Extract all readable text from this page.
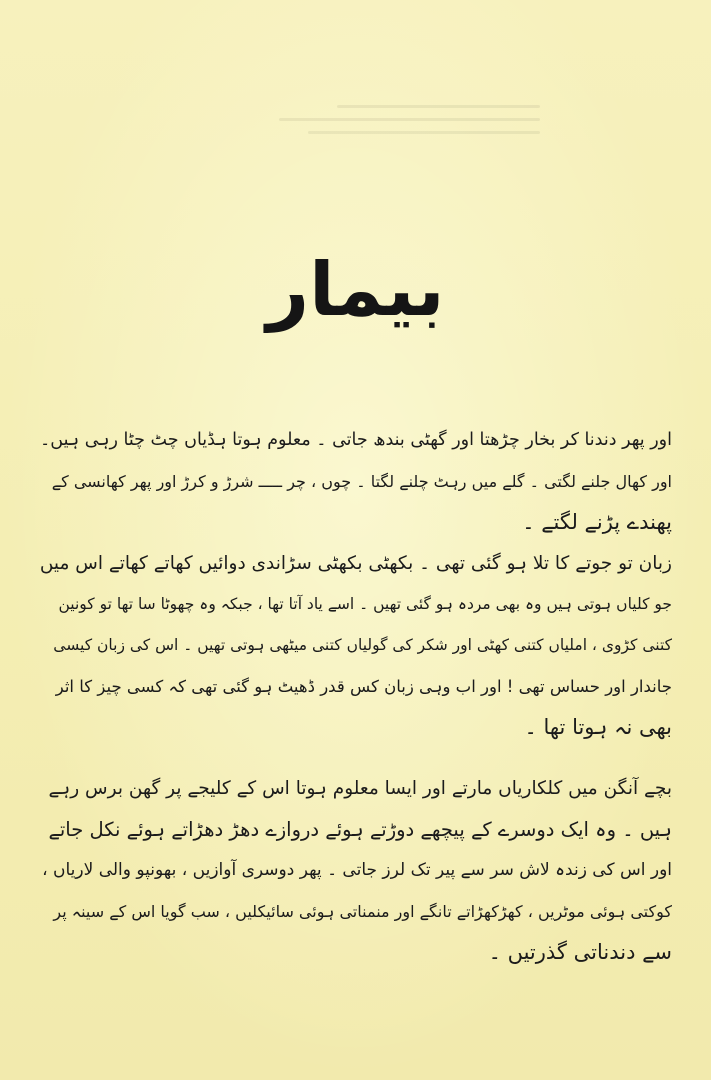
بیمار
اور پھر دندنا کر بخار چڑھتا اور گھٹی بندھ جاتی ۔ معلوم ہوتا ہڈیاں چٹ چٹا رہی ہیں۔
اور کھال جلنے لگتی ۔ گلے میں رہٹ چلنے لگتا ۔ چوں ، چر ـــــ شرڑ و کرڑ اور پھر کھانسی کے
پھندے پڑنے لگتے ۔
زبان تو جوتے کا تلا ہو گئی تھی ۔ بکھٹی بکھٹی سڑاندی دوائیں کھاتے کھاتے اس میں
جو کلیاں ہوتی ہیں وہ بھی مردہ ہو گئی تھیں ۔ اسے یاد آتا تھا ، جبکہ وہ چھوٹا سا تھا تو کونین
کتنی کڑوی ، املیاں کتنی کھٹی اور شکر کی گولیاں کتنی میٹھی ہوتی تھیں ۔ اس کی زبان کیسی
جاندار اور حساس تھی ! اور اب وہی زبان کس قدر ڈھیٹ ہو گئی تھی کہ کسی چیز کا اثر
بھی نہ ہوتا تھا ۔
بچے آنگن میں کلکاریاں مارتے اور ایسا معلوم ہوتا اس کے کلیجے پر گھن برس رہے
ہیں ۔ وہ ایک دوسرے کے پیچھے دوڑتے ہوئے دروازے دھڑ دھڑاتے ہوئے نکل جاتے
اور اس کی زندہ لاش سر سے پیر تک لرز جاتی ۔ پھر دوسری آوازیں ، بھونپو والی لاریاں ،
کوکتی ہوئی موٹریں ، کھڑکھڑاتے تانگے اور منمناتی ہوئی سائیکلیں ، سب گویا اس کے سینہ پر
سے دندناتی گذرتیں ۔
